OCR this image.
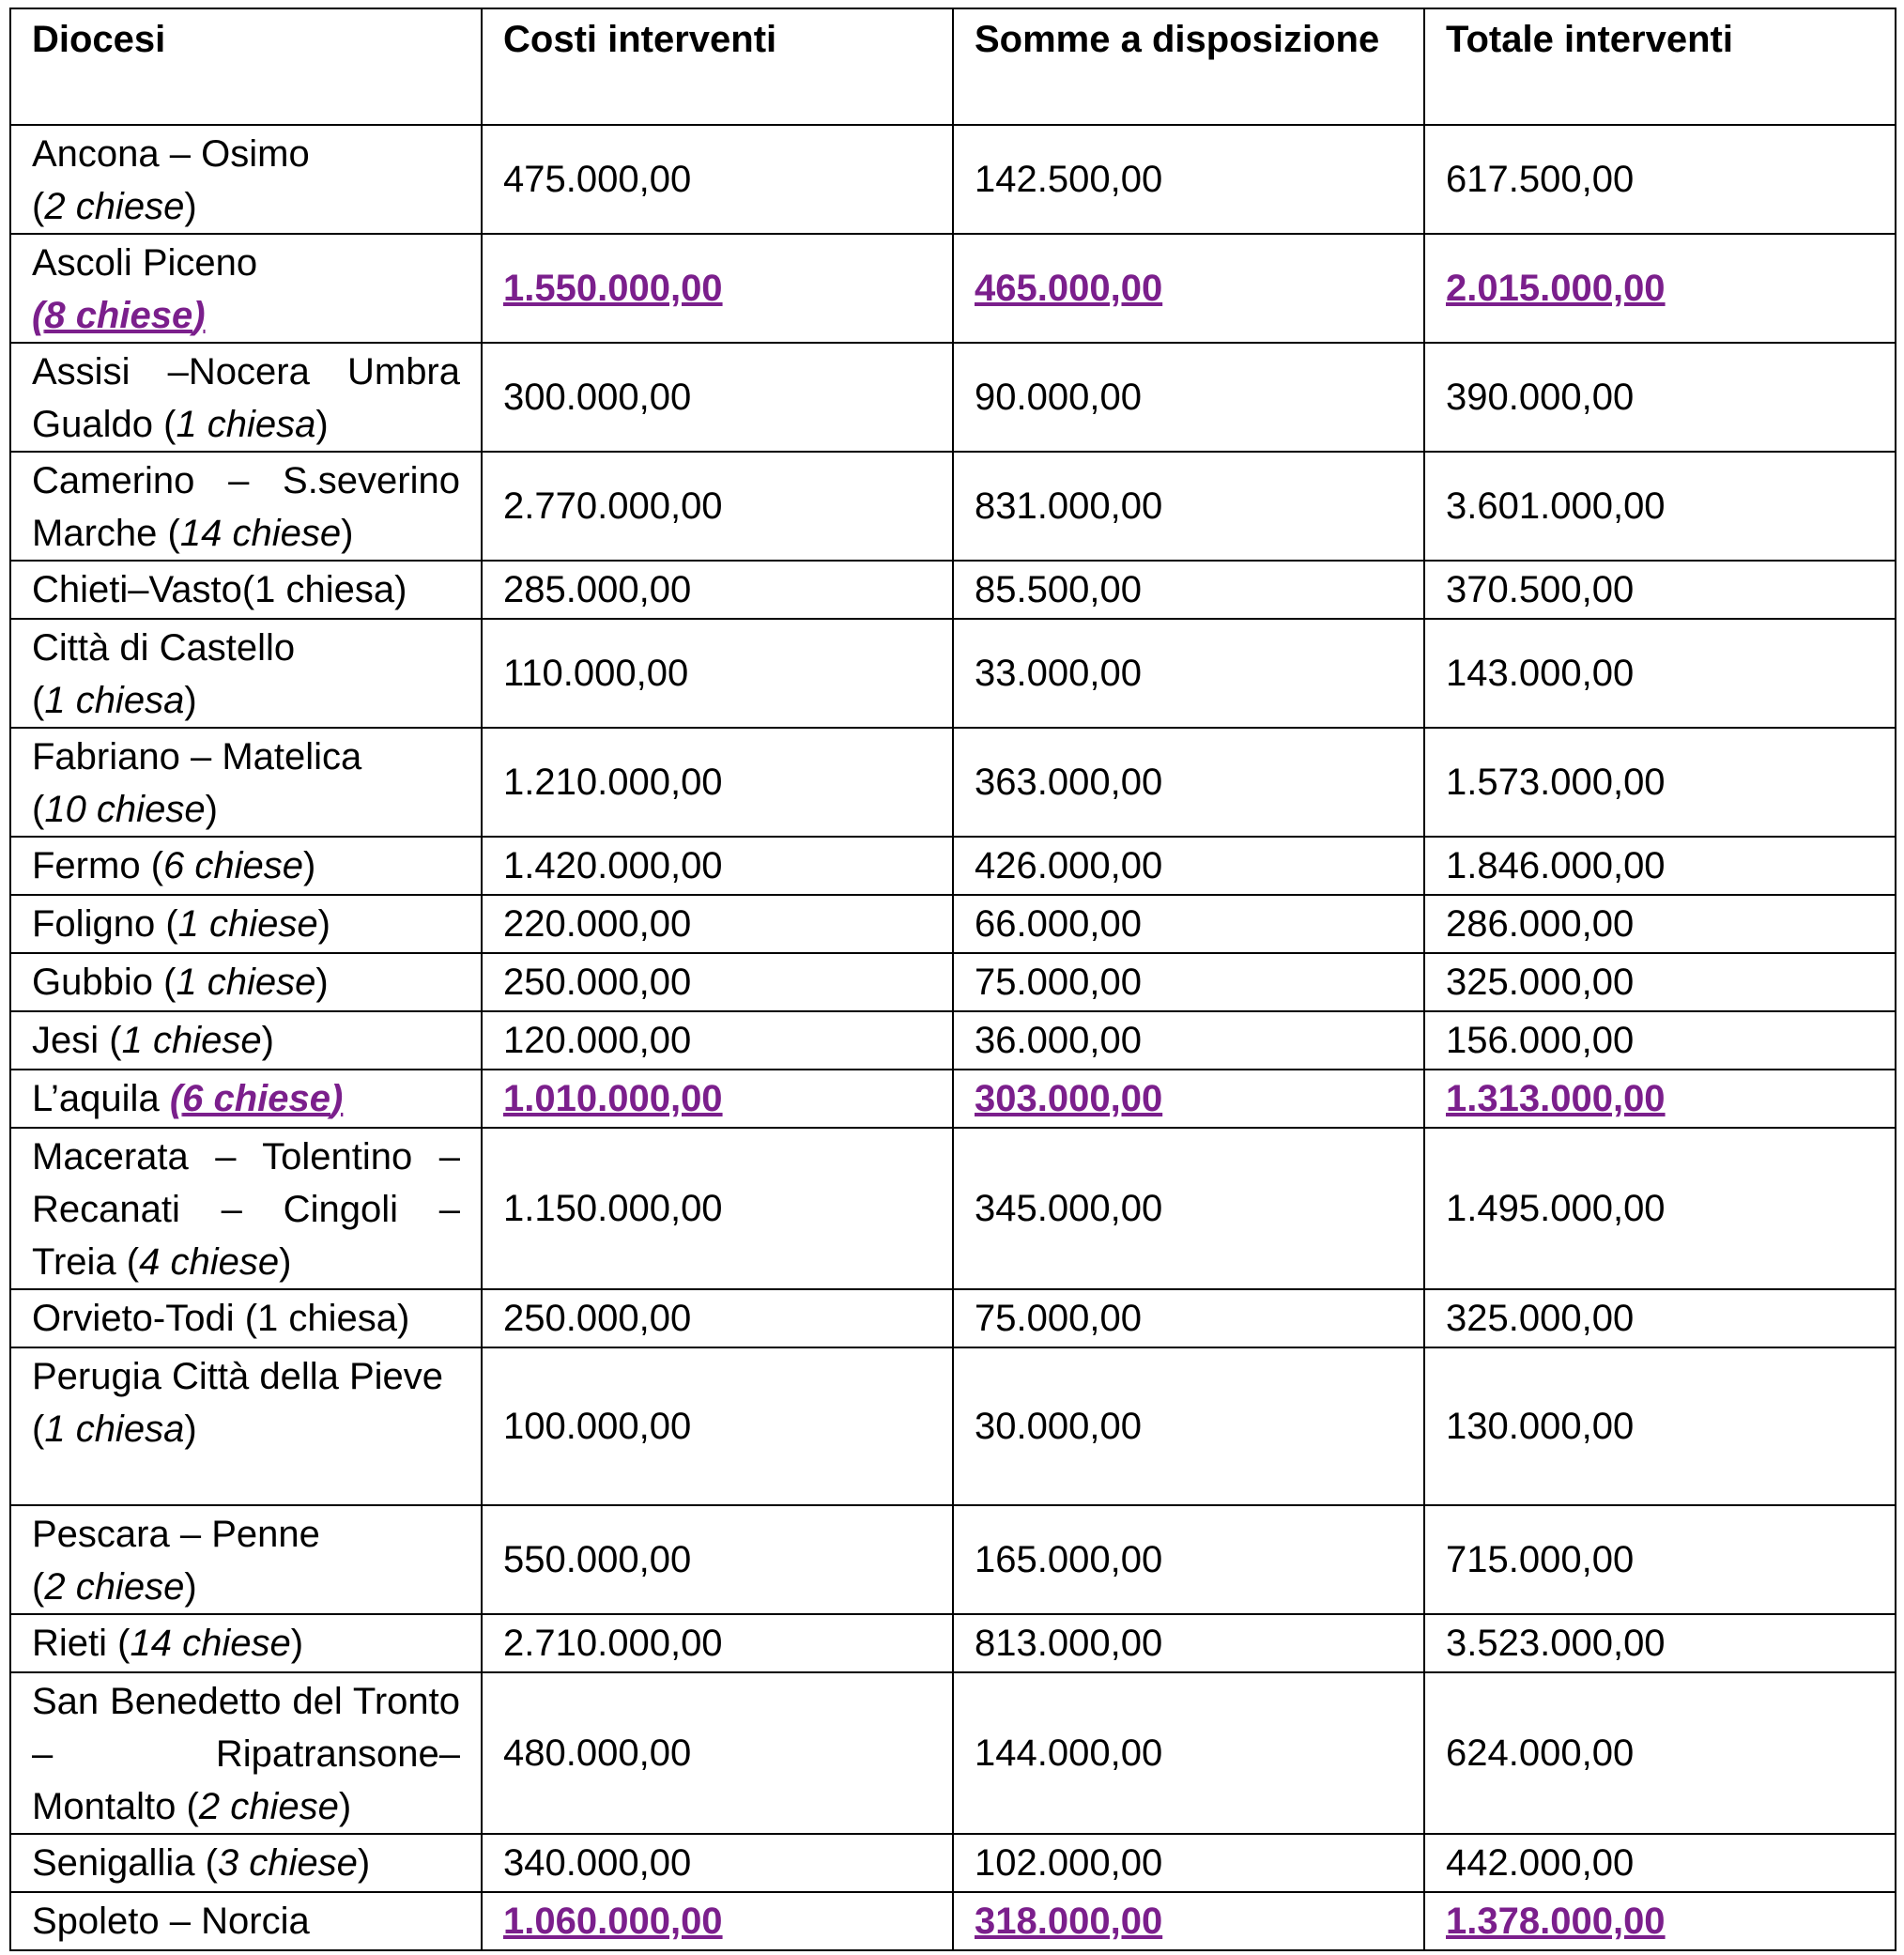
Diocesi	Costi interventi	Somme a disposizione	Totale interventi
Ancona – Osimo
(2 chiese)	475.000,00	142.500,00	617.500,00
Ascoli Piceno
(8 chiese)	1.550.000,00	465.000,00	2.015.000,00
Assisi –Nocera Umbra Gualdo (1 chiesa)	300.000,00	90.000,00	390.000,00
Camerino – S.severino Marche (14 chiese)	2.770.000,00	831.000,00	3.601.000,00
Chieti–Vasto(1 chiesa)	285.000,00	85.500,00	370.500,00
Città di Castello
(1 chiesa)	110.000,00	33.000,00	143.000,00
Fabriano – Matelica
(10 chiese)	1.210.000,00	363.000,00	1.573.000,00
Fermo (6 chiese)	1.420.000,00	426.000,00	1.846.000,00
Foligno (1 chiese)	220.000,00	66.000,00	286.000,00
Gubbio (1 chiese)	250.000,00	75.000,00	325.000,00
Jesi (1 chiese)	120.000,00	36.000,00	156.000,00
L’aquila (6 chiese)	1.010.000,00	303.000,00	1.313.000,00
Macerata – Tolentino – Recanati – Cingoli – Treia (4 chiese)	1.150.000,00	345.000,00	1.495.000,00
Orvieto-Todi (1 chiesa)	250.000,00	75.000,00	325.000,00
Perugia Città della Pieve
(1 chiesa)	100.000,00	30.000,00	130.000,00
Pescara – Penne
(2 chiese)	550.000,00	165.000,00	715.000,00
Rieti (14 chiese)	2.710.000,00	813.000,00	3.523.000,00
San Benedetto del Tronto – Ripatransone– Montalto (2 chiese)	480.000,00	144.000,00	624.000,00
Senigallia (3 chiese)	340.000,00	102.000,00	442.000,00
Spoleto – Norcia	1.060.000,00	318.000,00	1.378.000,00
